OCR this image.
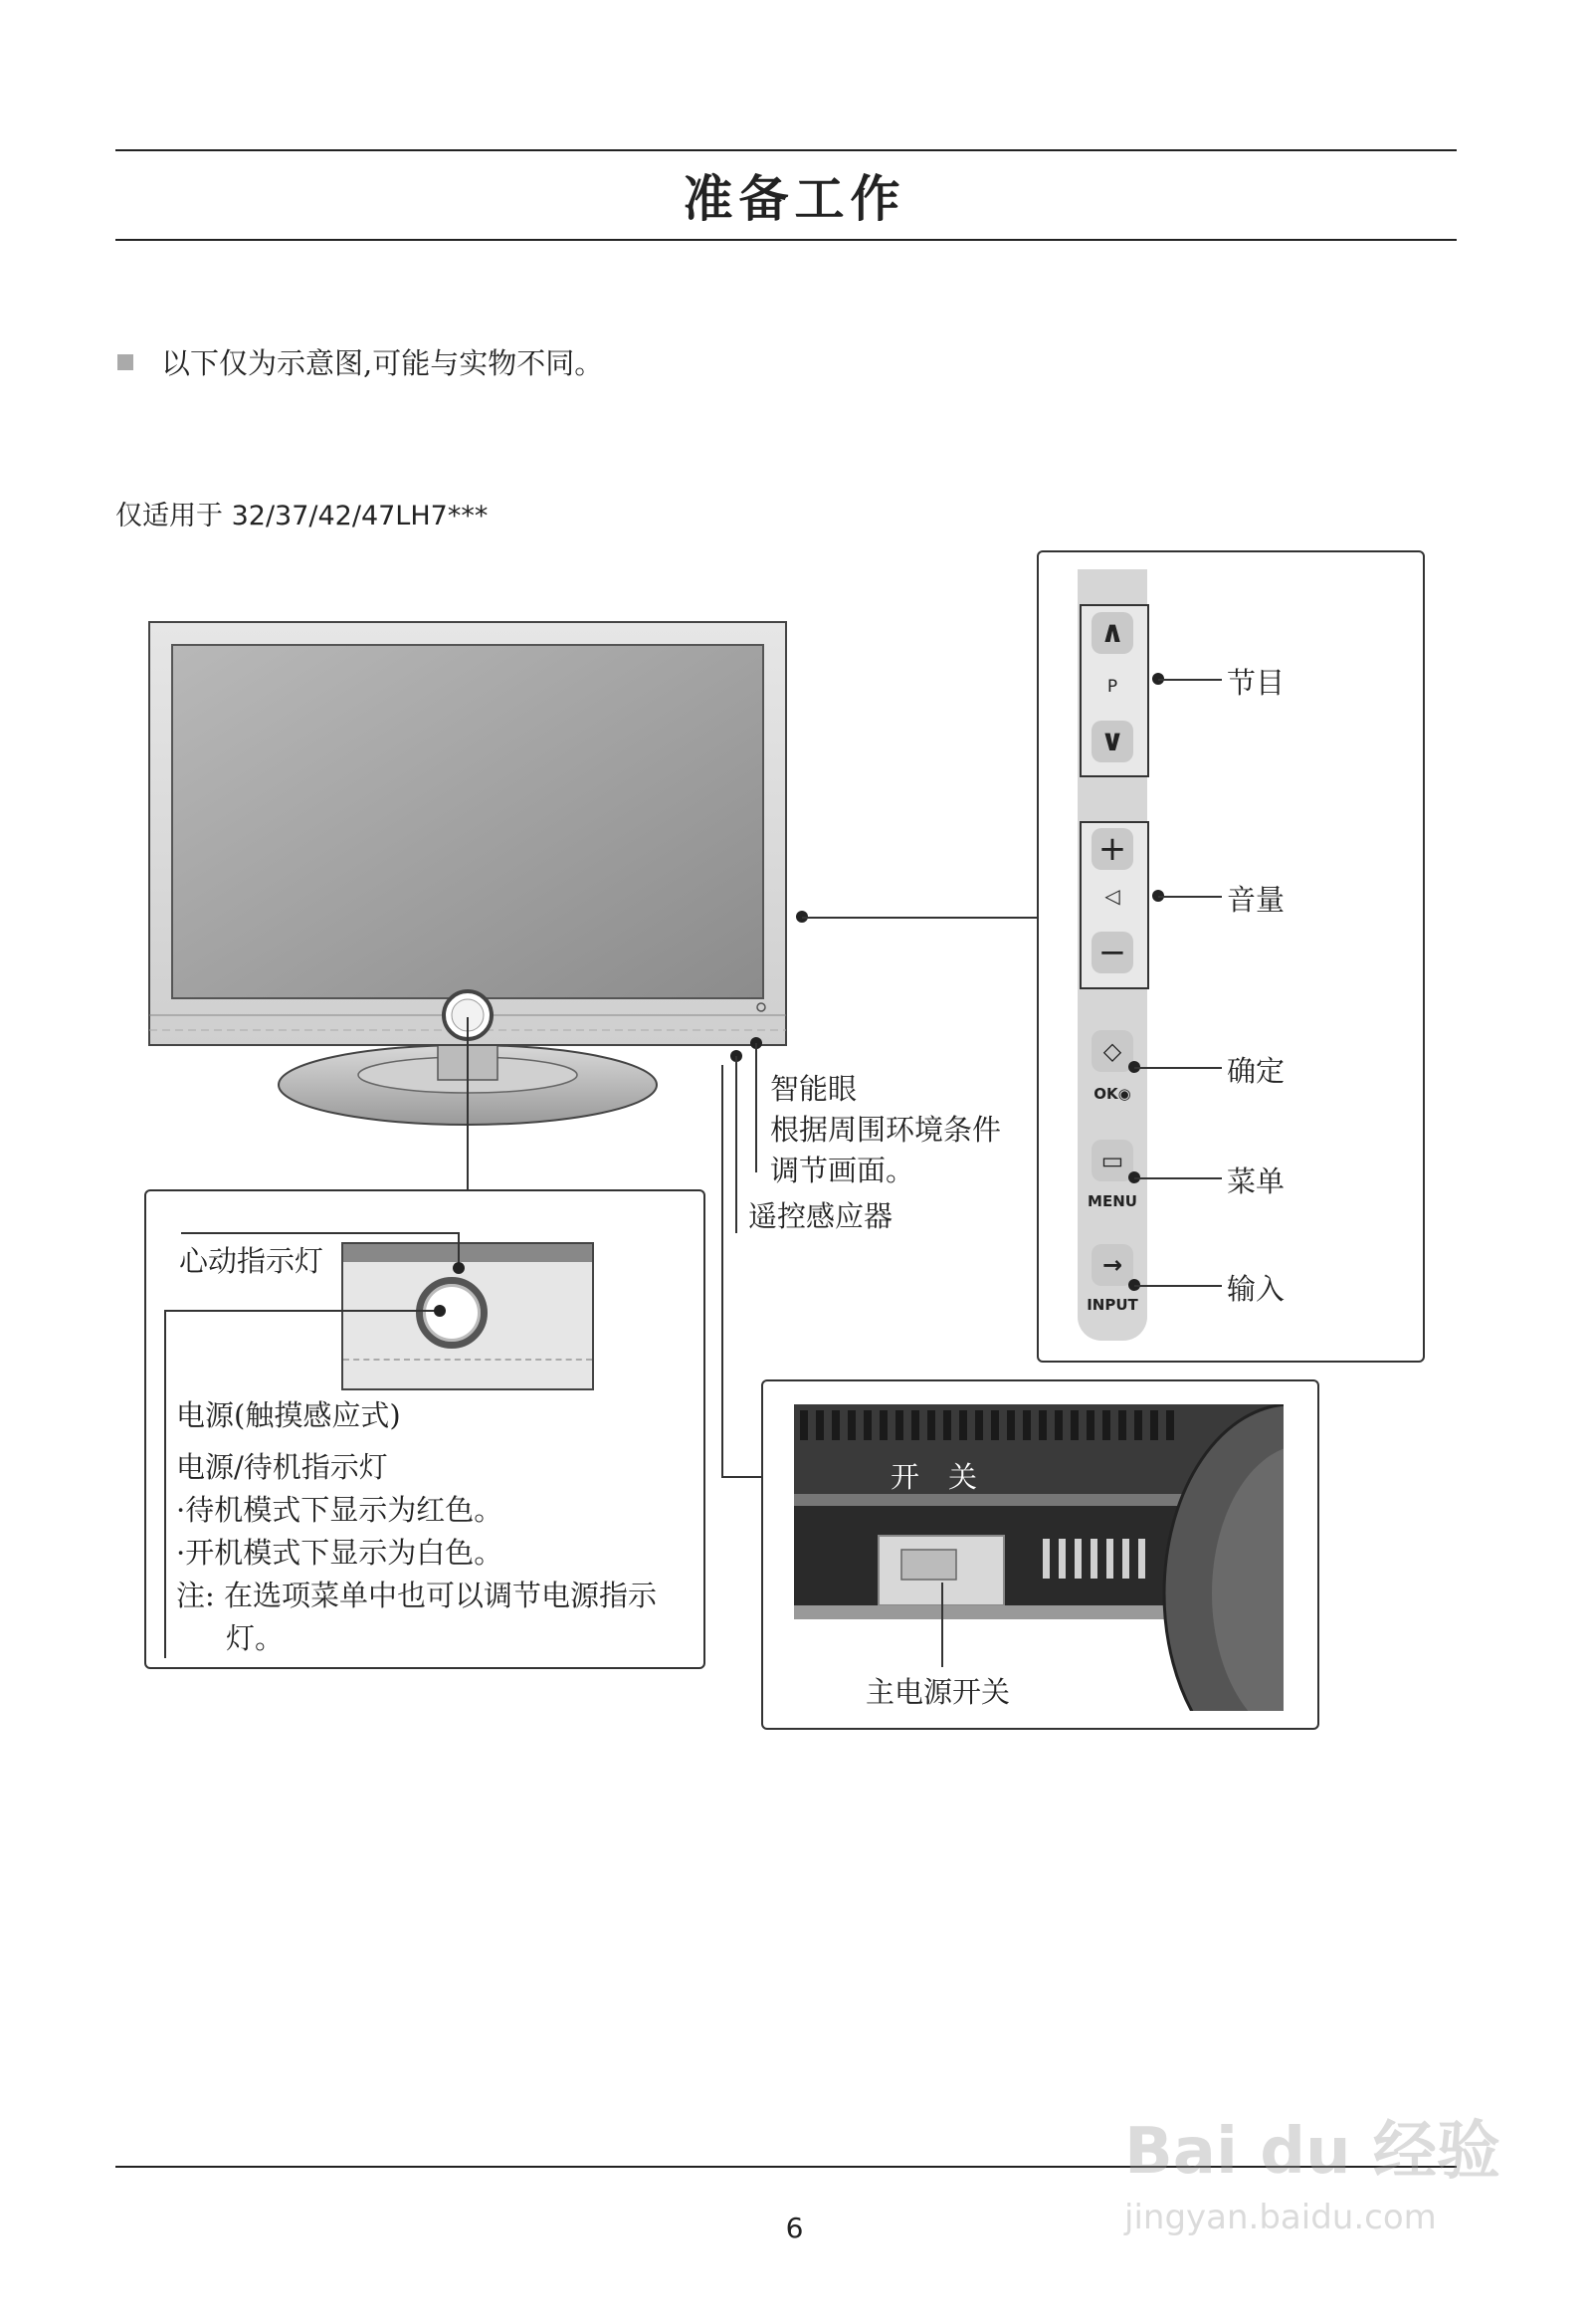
准备工作
以下仅为示意图,可能与实物不同。
仅适用于 32/37/42/47LH7***
∧
P
∨
+
◁
−
◇
OK◉
▭
MENU
→
INPUT
节目
音量
确定
菜单
输入
智能眼
根据周围环境条件
调节画面。
遥控感应器
心动指示灯
电源(触摸感应式)
电源/待机指示灯
·待机模式下显示为红色。
·开机模式下显示为白色。
注: 在选项菜单中也可以调节电源指示
灯。
开　关
主电源开关
6
Bai du 经验
jingyan.baidu.com
